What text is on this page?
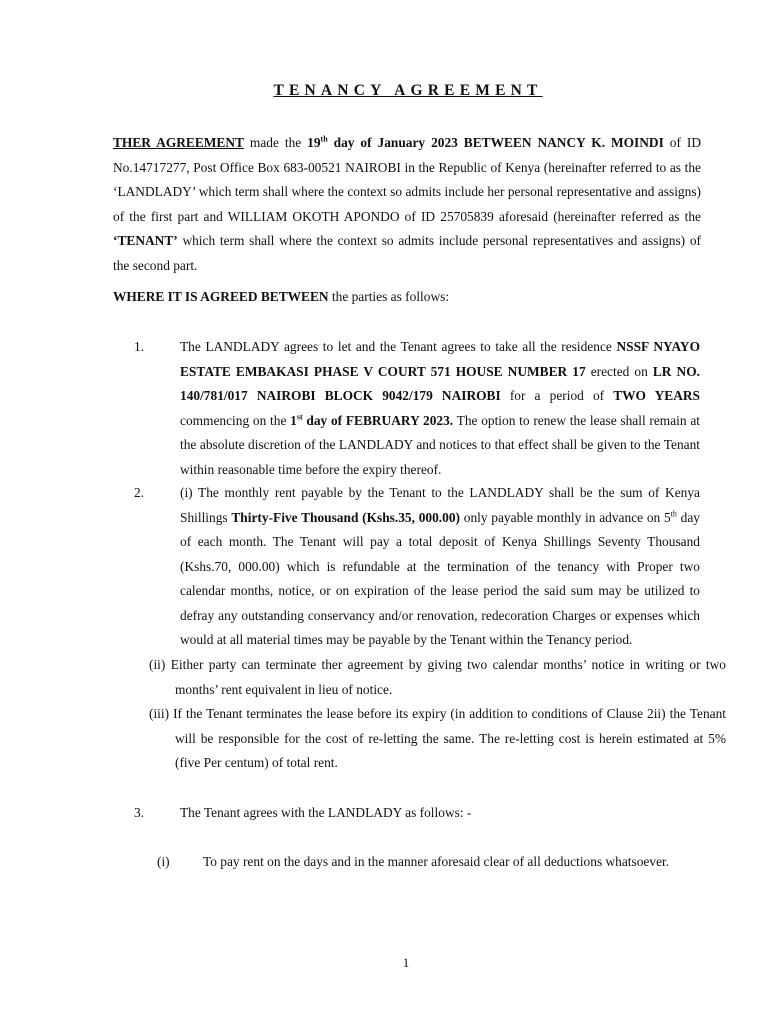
TENANCY AGREEMENT
THER AGREEMENT made the 19th day of January 2023 BETWEEN NANCY K. MOINDI of ID No.14717277, Post Office Box 683-00521 NAIROBI in the Republic of Kenya (hereinafter referred to as the ‘LANDLADY’ which term shall where the context so admits include her personal representative and assigns) of the first part and WILLIAM OKOTH APONDO of ID 25705839 aforesaid (hereinafter referred as the ‘TENANT’ which term shall where the context so admits include personal representatives and assigns) of the second part.
WHERE IT IS AGREED BETWEEN the parties as follows:
1.	The LANDLADY agrees to let and the Tenant agrees to take all the residence NSSF NYAYO ESTATE EMBAKASI PHASE V COURT 571 HOUSE NUMBER 17 erected on LR NO. 140/781/017 NAIROBI BLOCK 9042/179 NAIROBI for a period of TWO YEARS commencing on the 1st day of FEBRUARY 2023. The option to renew the lease shall remain at the absolute discretion of the LANDLADY and notices to that effect shall be given to the Tenant within reasonable time before the expiry thereof.
2.	(i) The monthly rent payable by the Tenant to the LANDLADY shall be the sum of Kenya Shillings Thirty-Five Thousand (Kshs.35, 000.00) only payable monthly in advance on 5th day of each month. The Tenant will pay a total deposit of Kenya Shillings Seventy Thousand (Kshs.70, 000.00) which is refundable at the termination of the tenancy with Proper two calendar months, notice, or on expiration of the lease period the said sum may be utilized to defray any outstanding conservancy and/or renovation, redecoration Charges or expenses which would at all material times may be payable by the Tenant within the Tenancy period.
(ii) Either party can terminate ther agreement by giving two calendar months’ notice in writing or two months’ rent equivalent in lieu of notice.
(iii) If the Tenant terminates the lease before its expiry (in addition to conditions of Clause 2ii) the Tenant will be responsible for the cost of re-letting the same. The re-letting cost is herein estimated at 5% (five Per centum) of total rent.
3.	The Tenant agrees with the LANDLADY as follows: -
(i) To pay rent on the days and in the manner aforesaid clear of all deductions whatsoever.
1
